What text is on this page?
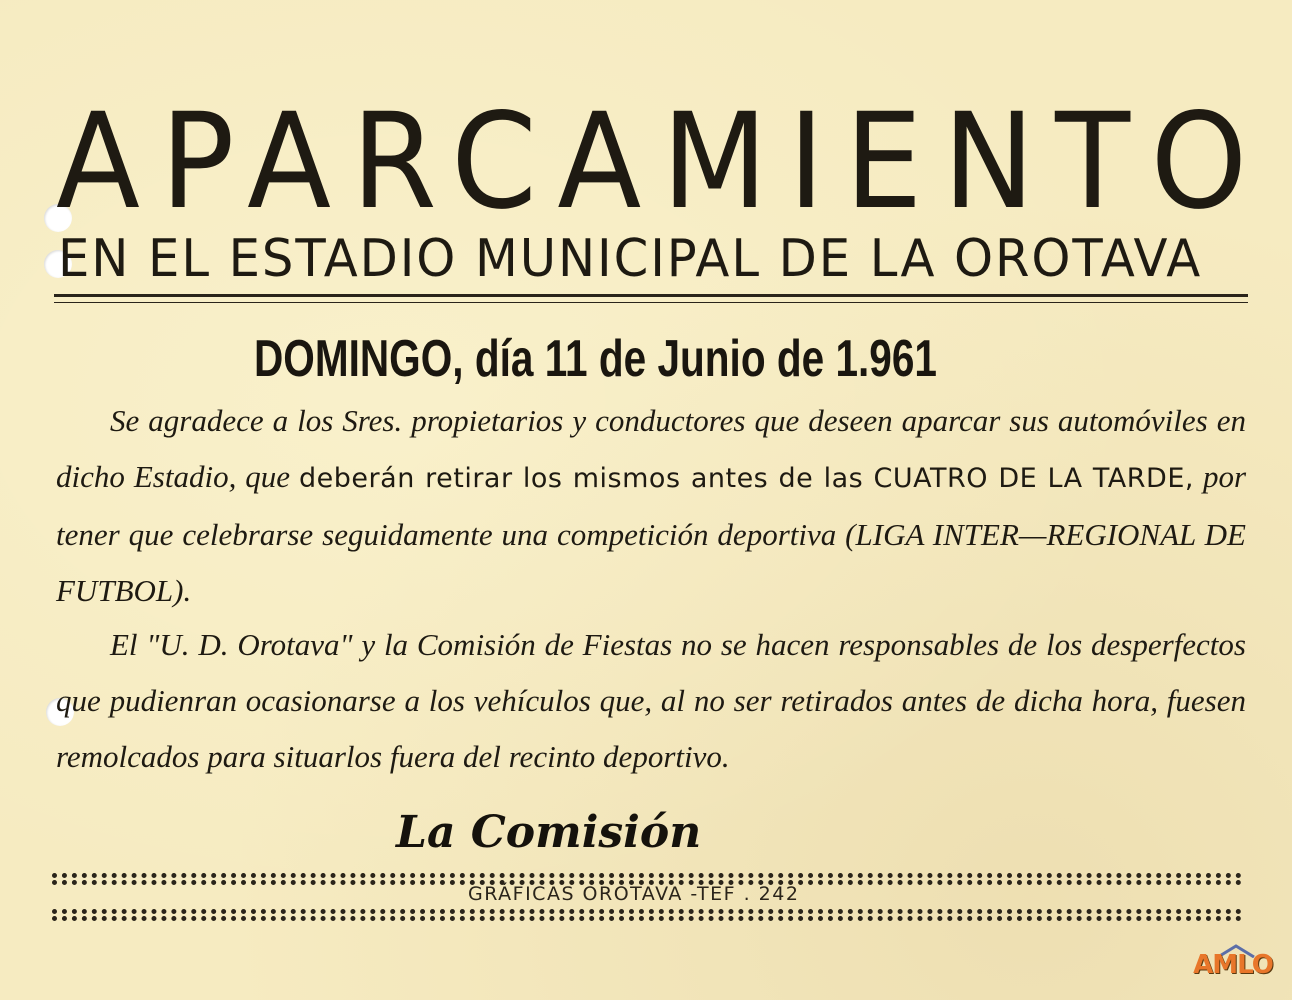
APARCAMIENTO
EN EL ESTADIO MUNICIPAL DE LA OROTAVA
DOMINGO, día 11 de Junio de 1.961
Se agradece a los Sres. propietarios y conductores que deseen aparcar sus automóviles en dicho Estadio, que deberán retirar los mismos antes de las CUATRO DE LA TARDE, por tener que celebrarse seguidamente una competición deportiva (LIGA INTER—REGIONAL DE FUTBOL).
El "U. D. Orotava" y la Comisión de Fiestas no se hacen responsables de los desperfectos que pudienran ocasionarse a los vehículos que, al no ser retirados antes de dicha hora, fuesen remolcados para situarlos fuera del recinto deportivo.
La Comisión
GRÁFICAS OROTAVA -TEF . 242
AMLO
